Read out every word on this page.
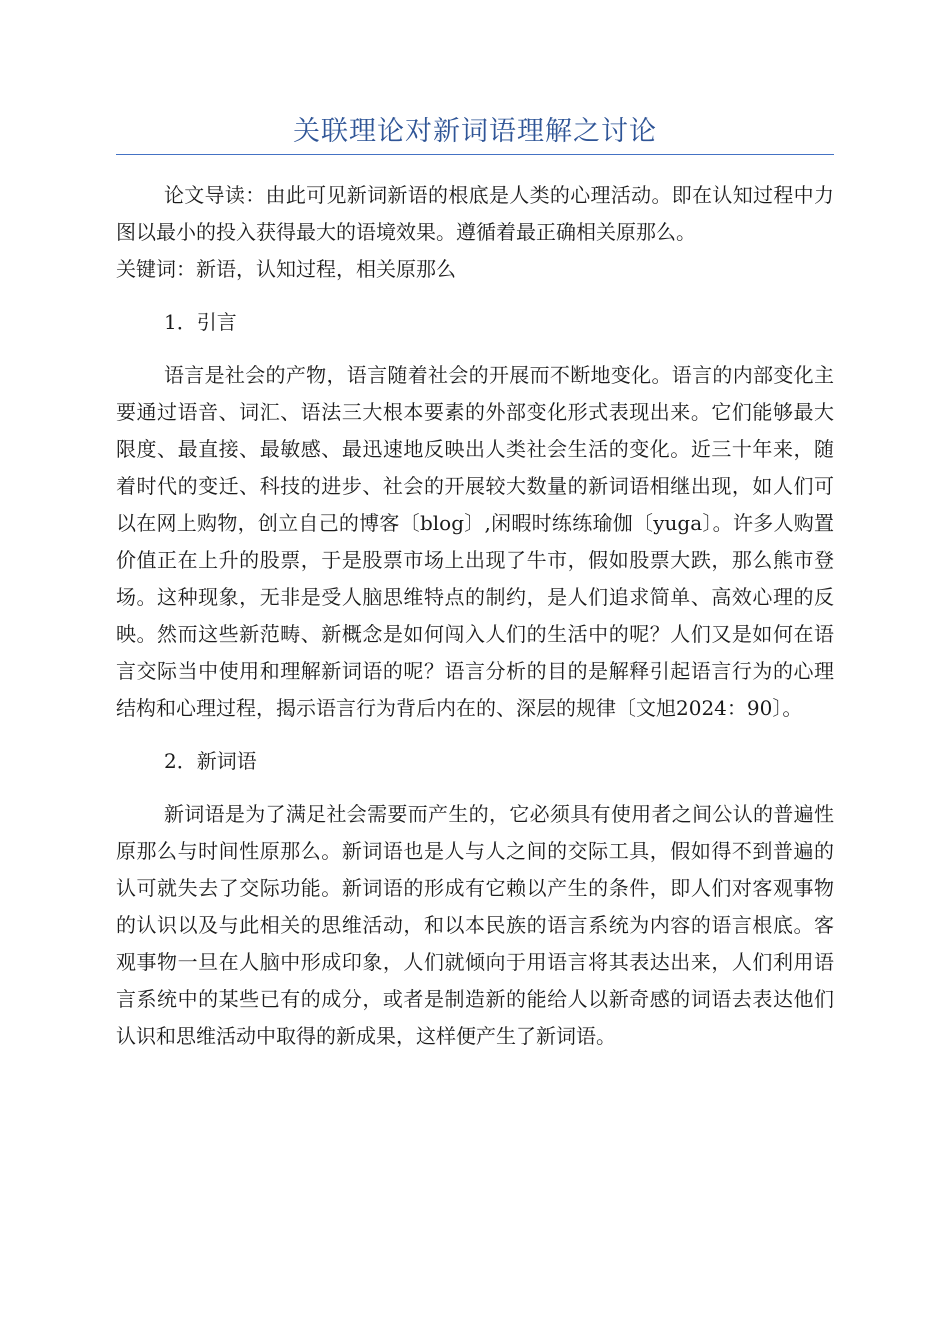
关联理论对新词语理解之讨论

论文导读：由此可见新词新语的根底是人类的心理活动。即在认知过程中力图以最小的投入获得最大的语境效果。遵循着最正确相关原那么。

关键词：新语，认知过程，相关原那么

1．引言

语言是社会的产物，语言随着社会的开展而不断地变化。语言的内部变化主要通过语音、词汇、语法三大根本要素的外部变化形式表现出来。它们能够最大限度、最直接、最敏感、最迅速地反映出人类社会生活的变化。近三十年来，随着时代的变迁、科技的进步、社会的开展较大数量的新词语相继出现，如人们可以在网上购物，创立自己的博客〔blog〕,闲暇时练练瑜伽〔yuga〕。许多人购置价值正在上升的股票，于是股票市场上出现了牛市，假如股票大跌，那么熊市登场。这种现象，无非是受人脑思维特点的制约，是人们追求简单、高效心理的反映。然而这些新范畴、新概念是如何闯入人们的生活中的呢？人们又是如何在语言交际当中使用和理解新词语的呢？语言分析的目的是解释引起语言行为的心理结构和心理过程，揭示语言行为背后内在的、深层的规律〔文旭2024：90〕。

2．新词语

新词语是为了满足社会需要而产生的，它必须具有使用者之间公认的普遍性原那么与时间性原那么。新词语也是人与人之间的交际工具，假如得不到普遍的认可就失去了交际功能。新词语的形成有它赖以产生的条件，即人们对客观事物的认识以及与此相关的思维活动，和以本民族的语言系统为内容的语言根底。客观事物一旦在人脑中形成印象，人们就倾向于用语言将其表达出来，人们利用语言系统中的某些已有的成分，或者是制造新的能给人以新奇感的词语去表达他们认识和思维活动中取得的新成果，这样便产生了新词语。
